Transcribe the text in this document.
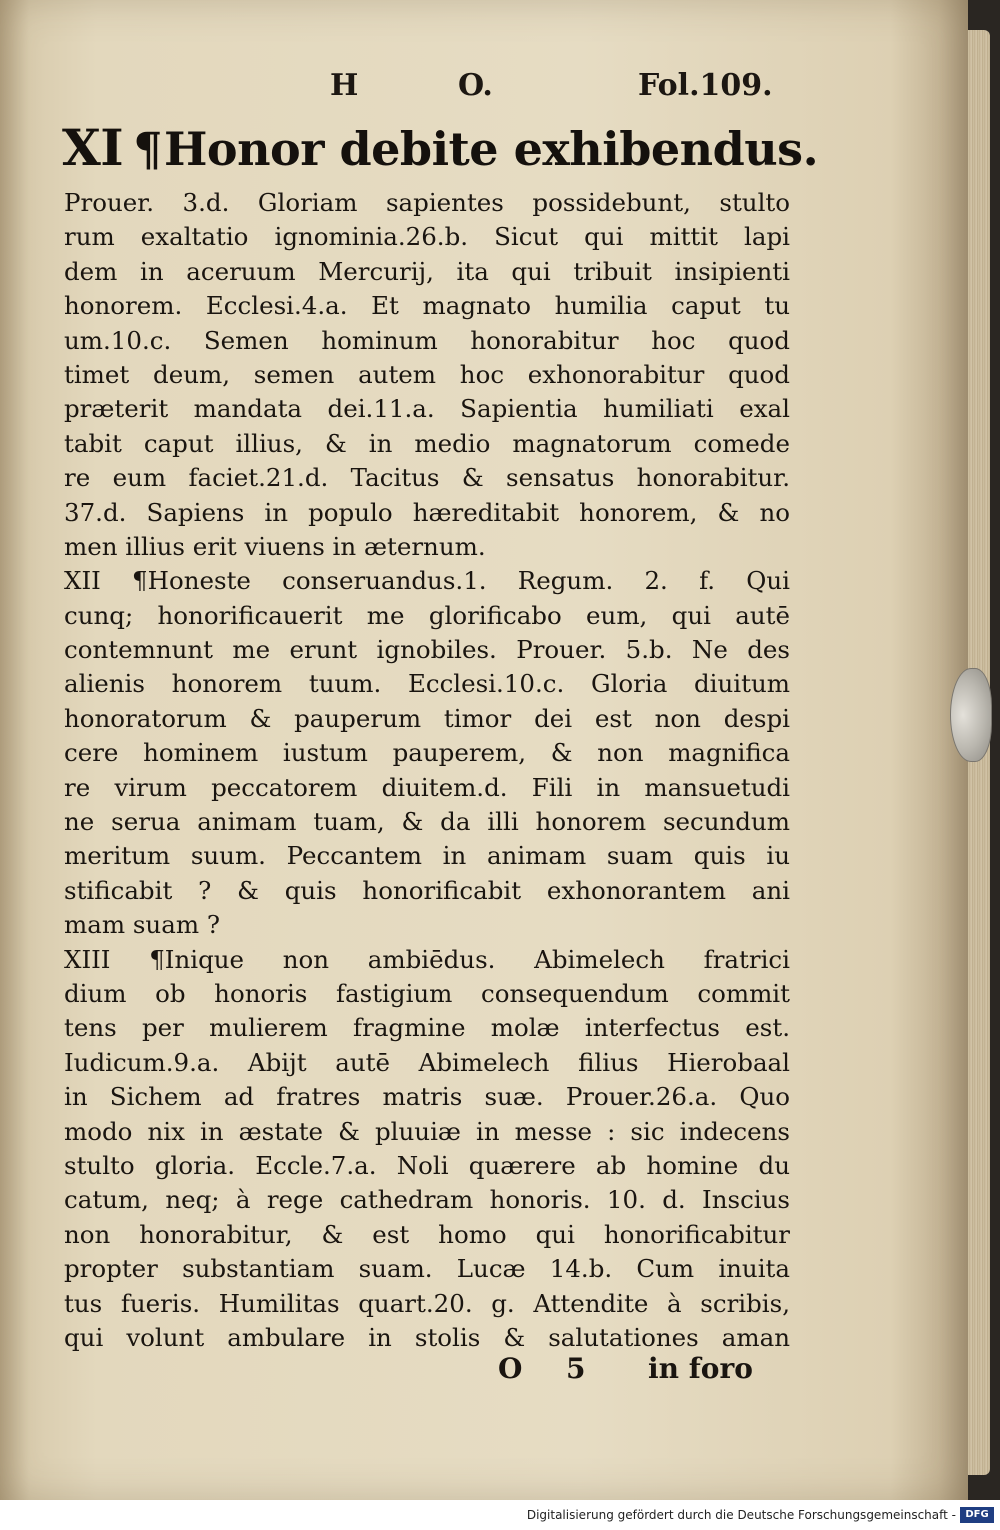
H	O.	Fol.109.
XI ¶Honor debite exhibendus.
Prouer. 3.d. Gloriam sapientes possidebunt, stulto
rum exaltatio ignominia.26.b. Sicut qui mittit lapi
dem in aceruum Mercurij, ita qui tribuit insipienti
honorem. Ecclesi.4.a. Et magnato humilia caput tu
um.10.c. Semen hominum honorabitur hoc quod
timet deum, semen autem hoc exhonorabitur quod
præterit mandata dei.11.a. Sapientia humiliati exal
tabit caput illius, & in medio magnatorum comede
re eum faciet.21.d. Tacitus & sensatus honorabitur.
37.d. Sapiens in populo hæreditabit honorem, & no
men illius erit viuens in æternum.
XII ¶Honeste conseruandus.1. Regum. 2. f. Qui
cunq; honorificauerit me glorificabo eum, qui autē
contemnunt me erunt ignobiles. Prouer. 5.b. Ne des
alienis honorem tuum. Ecclesi.10.c. Gloria diuitum
honoratorum & pauperum timor dei est non despi
cere hominem iustum pauperem, & non magnifica
re virum peccatorem diuitem.d. Fili in mansuetudi
ne serua animam tuam, & da illi honorem secundum
meritum suum. Peccantem in animam suam quis iu
stificabit ? & quis honorificabit exhonorantem ani
mam suam ?
XIII ¶Inique non ambiēdus. Abimelech fratrici
dium ob honoris fastigium consequendum commit
tens per mulierem fragmine molæ interfectus est.
Iudicum.9.a. Abijt autē Abimelech filius Hierobaal
in Sichem ad fratres matris suæ. Prouer.26.a. Quo
modo nix in æstate & pluuiæ in messe : sic indecens
stulto gloria. Eccle.7.a. Noli quærere ab homine du
catum, neq; à rege cathedram honoris. 10. d. Inscius
non honorabitur, & est homo qui honorificabitur
propter substantiam suam. Lucæ 14.b. Cum inuita
tus fueris. Humilitas quart.20. g. Attendite à scribis,
qui volunt ambulare in stolis & salutationes aman
O 5 in foro
Digitalisierung gefördert durch die Deutsche Forschungsgemeinschaft - DFG
